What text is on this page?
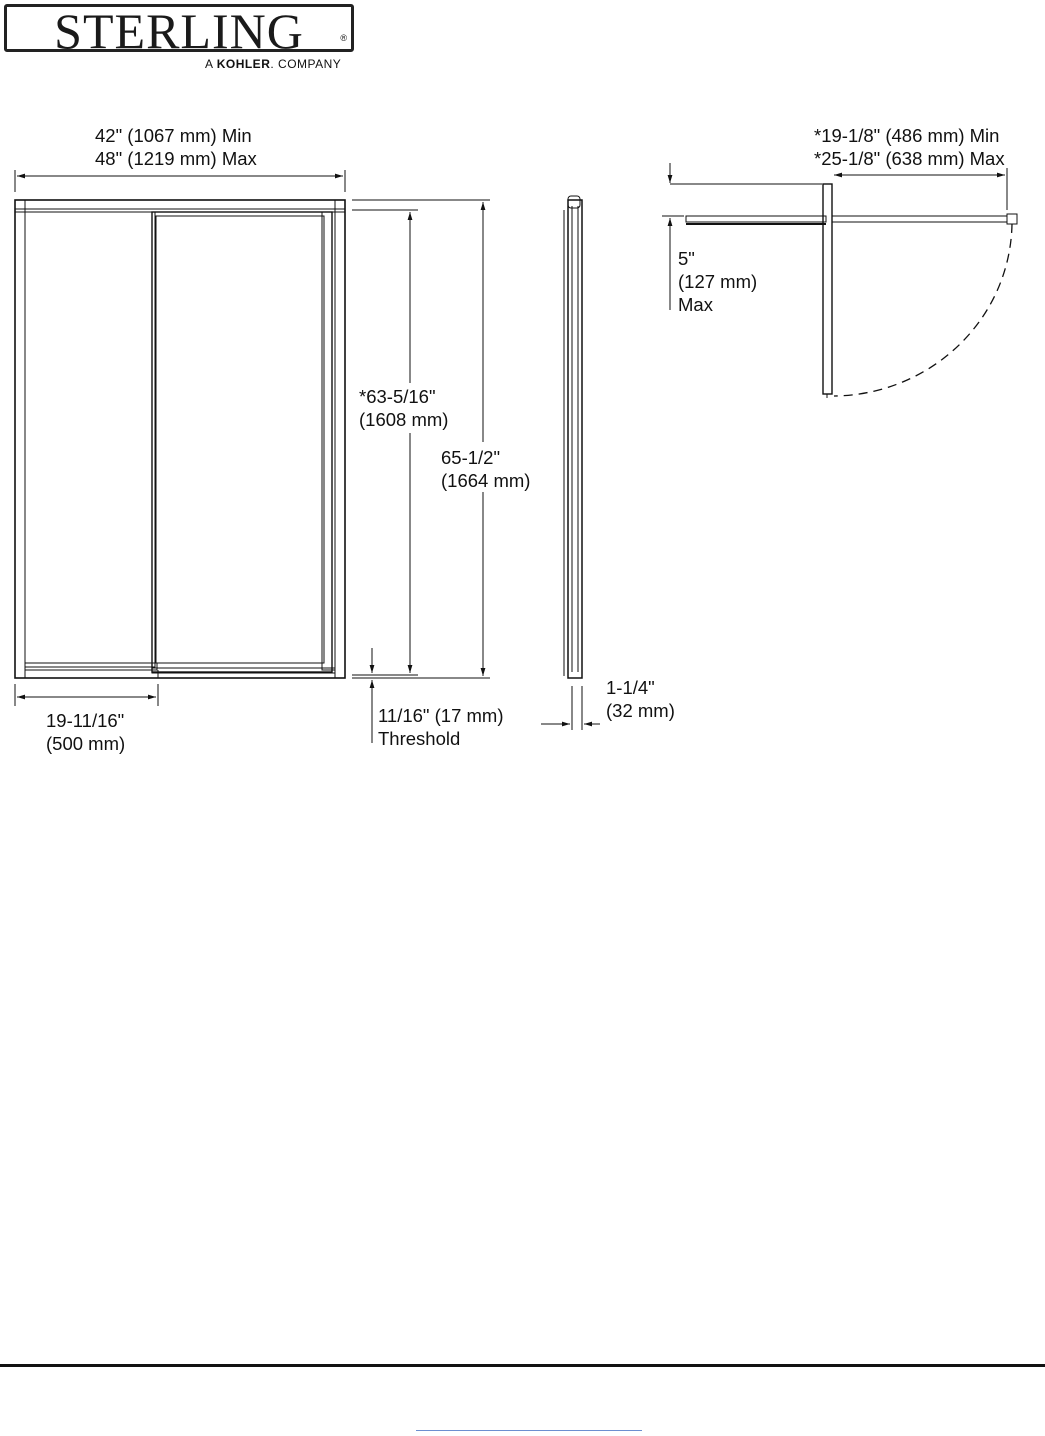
STERLING	®
A KOHLER. COMPANY
42" (1067 mm) Min
48" (1219 mm) Max
*63-5/16"
(1608 mm)
65-1/2"
(1664 mm)
19-11/16"
(500 mm)
11/16" (17 mm)
Threshold
1-1/4"
(32 mm)
5"
(127 mm)
Max
*19-1/8" (486 mm) Min
*25-1/8" (638 mm) Max
